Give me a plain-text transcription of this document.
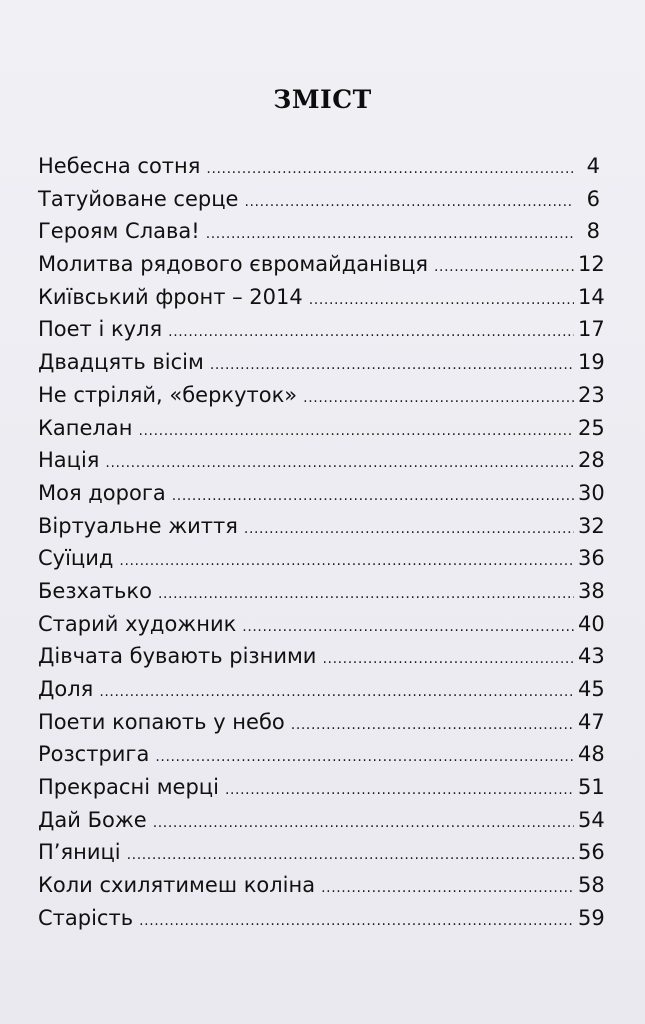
ЗМІСТ
Небесна сотня .....	4
Татуйоване серце .....	6
Героям Слава! .....	8
Молитва рядового євромайданівця .....	12
Київський фронт – 2014 .....	14
Поет і куля .....	17
Двадцять вісім .....	19
Не стріляй, «беркуток» .....	23
Капелан .....	25
Нація .....	28
Моя дорога .....	30
Віртуальне життя .....	32
Суїцид .....	36
Безхатько .....	38
Старий художник .....	40
Дівчата бувають різними .....	43
Доля .....	45
Поети копають у небо .....	47
Розстрига .....	48
Прекрасні мерці .....	51
Дай Боже .....	54
П’яниці .....	56
Коли схилятимеш коліна .....	58
Старість .....	59
